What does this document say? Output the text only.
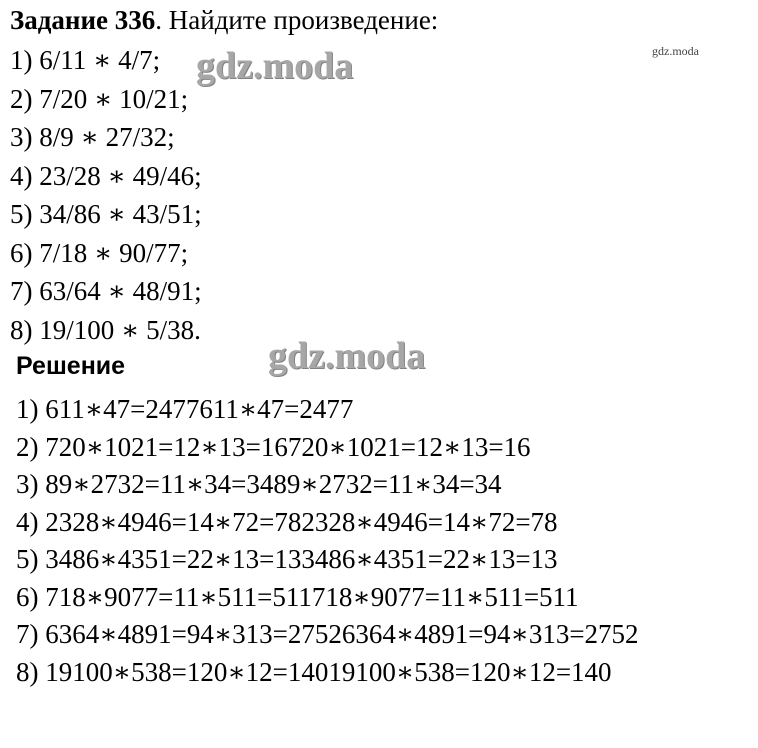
Задание 336. Найдите произведение:
1) 6/11 ∗ 4/7;
2) 7/20 ∗ 10/21;
3) 8/9 ∗ 27/32;
4) 23/28 ∗ 49/46;
5) 34/86 ∗ 43/51;
6) 7/18 ∗ 90/77;
7) 63/64 ∗ 48/91;
8) 19/100 ∗ 5/38.
Решение
1) 611∗47=2477611∗47=2477
2) 720∗1021=12∗13=16720∗1021=12∗13=16
3) 89∗2732=11∗34=3489∗2732=11∗34=34
4) 2328∗4946=14∗72=782328∗4946=14∗72=78
5) 3486∗4351=22∗13=133486∗4351=22∗13=13
6) 718∗9077=11∗511=511718∗9077=11∗511=511
7) 6364∗4891=94∗313=27526364∗4891=94∗313=2752
8) 19100∗538=120∗12=14019100∗538=120∗12=140
gdz.moda
gdz.moda
gdz.moda
